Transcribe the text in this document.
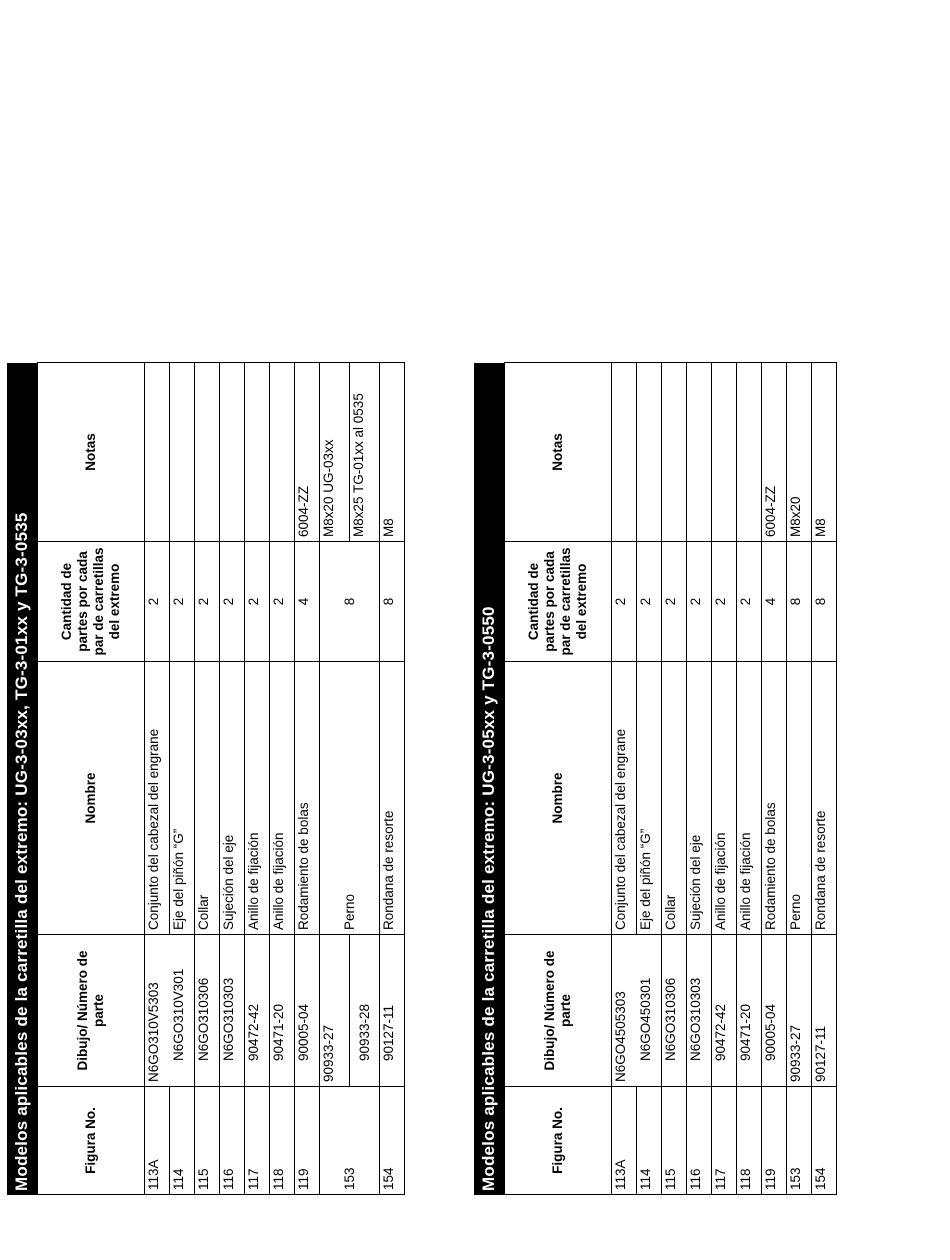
Modelos aplicables de la carretilla del extremo: UG-3-03xx, TG-3-01xx y TG-3-0535	Figura No.	Dibujo/ Número de parte	Nombre	Cantidad de partes por cada par de carretillas del extremo	Notas
113A	N6GO310V5303	Conjunto del cabezal del engrane	2	
114	N6GO310V301	Eje del piñón “G”	2	
115	N6GO310306	Collar	2	
116	N6GO310303	Sujeción del eje	2	
117	90472-42	Anillo de fijación	2	
118	90471-20	Anillo de fijación	2	
119	90005-04	Rodamiento de bolas	4	6004-ZZ
153	90933-27	Perno	8	M8x20 UG-03xx
	90933-28			M8x25 TG-01xx al 0535
154	90127-11	Rondana de resorte	8	M8
Modelos aplicables de la carretilla del extremo: UG-3-05xx y TG-3-0550	Figura No.	Dibujo/ Número de parte	Nombre	Cantidad de partes por cada par de carretillas del extremo	Notas
113A	N6GO4505303	Conjunto del cabezal del engrane	2	
114	N6GO450301	Eje del piñón “G”	2	
115	N6GO310306	Collar	2	
116	N6GO310303	Sujeción del eje	2	
117	90472-42	Anillo de fijación	2	
118	90471-20	Anillo de fijación	2	
119	90005-04	Rodamiento de bolas	4	6004-ZZ
153	90933-27	Perno	8	M8x20
154	90127-11	Rondana de resorte	8	M8
